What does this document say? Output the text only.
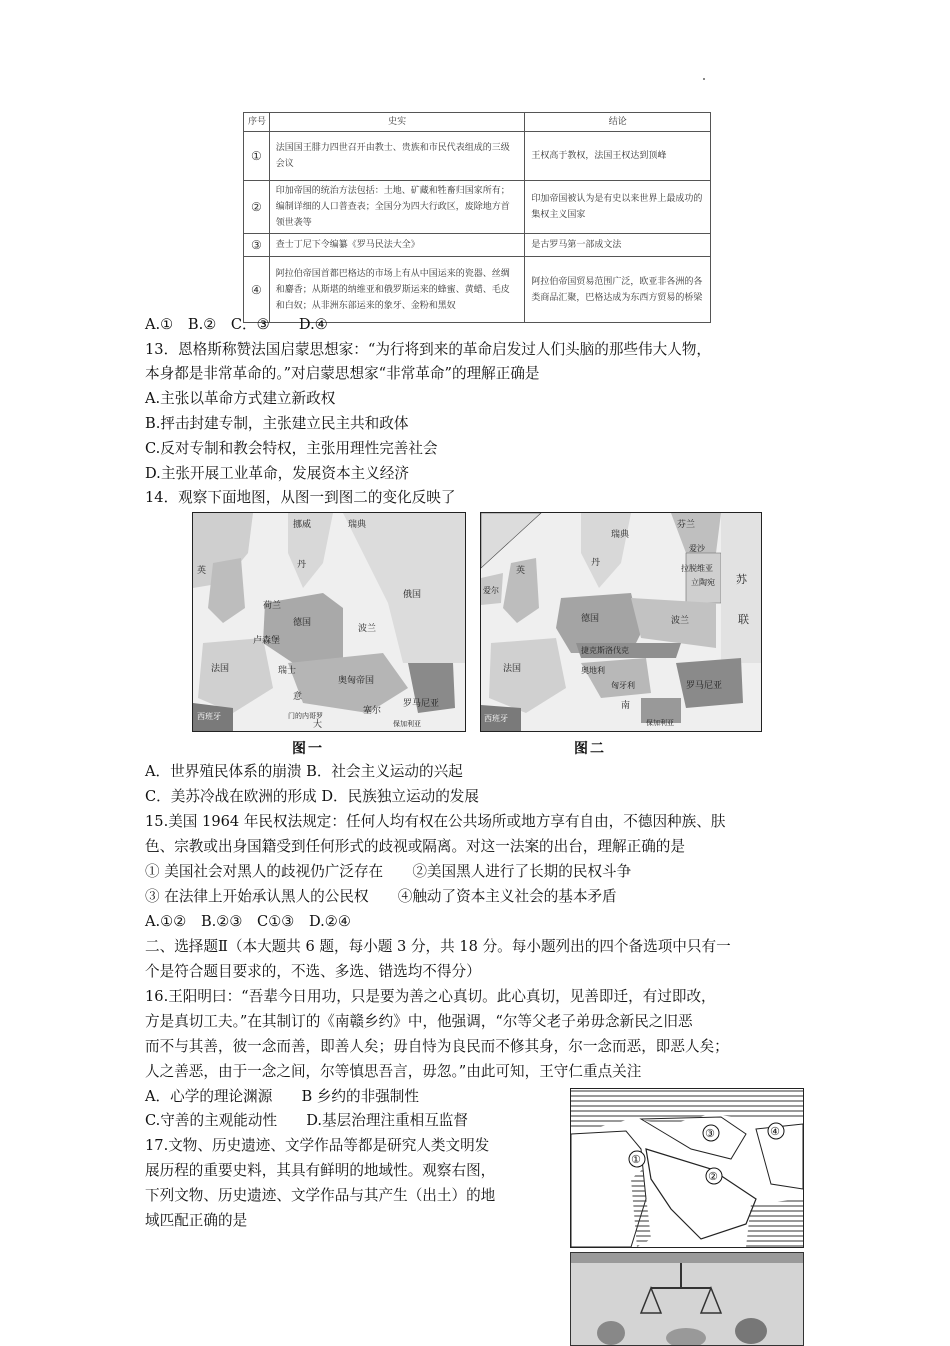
序号	史实	结论
①	法国国王腓力四世召开由教士、贵族和市民代表组成的三级会议	王权高于教权，法国王权达到顶峰
②	印加帝国的统治方法包括：土地、矿藏和牲畜归国家所有；编制详细的人口普查表；全国分为四大行政区，废除地方首领世袭等	印加帝国被认为是有史以来世界上最成功的集权主义国家
③	查士丁尼下令编纂《罗马民法大全》	是古罗马第一部成文法
④	阿拉伯帝国首都巴格达的市场上有从中国运来的瓷器、丝绸和麝香；从斯堪的纳维亚和俄罗斯运来的蜂蜜、黄蜡、毛皮和白奴；从非洲东部运来的象牙、金粉和黑奴	阿拉伯帝国贸易范围广泛，欧亚非各洲的各类商品汇聚，巴格达成为东西方贸易的桥梁
A.①　B.②　C．③　　D.④
13．恩格斯称赞法国启蒙思想家：“为行将到来的革命启发过人们头脑的那些伟大人物，
本身都是非常革命的。”对启蒙思想家“非常革命”的理解正确是
A.主张以革命方式建立新政权
B.抨击封建专制，主张建立民主共和政体
C.反对专制和教会特权，主张用理性完善社会
D.主张开展工业革命，发展资本主义经济
14．观察下面地图，从图一到图二的变化反映了
挪威	瑞典
丹
英
俄国
荷兰
德国
波兰
卢森堡
法国	瑞士
奥匈帝国
意
罗马尼亚
门的内哥罗	塞尔
保加利亚
西班牙
大
芬兰
瑞典
爱沙
拉脱维亚
立陶宛 苏
联
英
丹
德国	波兰
法国
捷克斯洛伐克
奥地利
匈牙利	罗马尼亚
南
保加利亚
西班牙
爱尔
图一	图二
A．世界殖民体系的崩溃 B．社会主义运动的兴起
C．美苏冷战在欧洲的形成 D．民族独立运动的发展
15.美国 1964 年民权法规定：任何人均有权在公共场所或地方享有自由，不德因种族、肤
色、宗教或出身国籍受到任何形式的歧视或隔离。对这一法案的出台，理解正确的是
① 美国社会对黑人的歧视仍广泛存在　　②美国黑人进行了长期的民权斗争
③ 在法律上开始承认黑人的公民权　　④触动了资本主义社会的基本矛盾
A.①②　B.②③　C①③　D.②④
二、选择题Ⅱ（本大题共 6 题，每小题 3 分，共 18 分。每小题列出的四个备选项中只有一
个是符合题目要求的，不选、多选、错选均不得分）
16.王阳明曰：“吾辈今日用功，只是要为善之心真切。此心真切，见善即迁，有过即改，
方是真切工夫。”在其制订的《南赣乡约》中，他强调，“尔等父老子弟毋念新民之旧恶
而不与其善，彼一念而善，即善人矣；毋自恃为良民而不修其身，尔一念而恶，即恶人矣；
人之善恶，由于一念之间，尔等慎思吾言，毋忽。”由此可知，王守仁重点关注
A．心学的理论渊源　　B 乡约的非强制性
C.守善的主观能动性　　D.基层治理注重相互监督
17.文物、历史遗迹、文学作品等都是研究人类文明发
展历程的重要史料，其具有鲜明的地域性。观察右图，
下列文物、历史遗迹、文学作品与其产生（出土）的地
域匹配正确的是
①
②
③	④
